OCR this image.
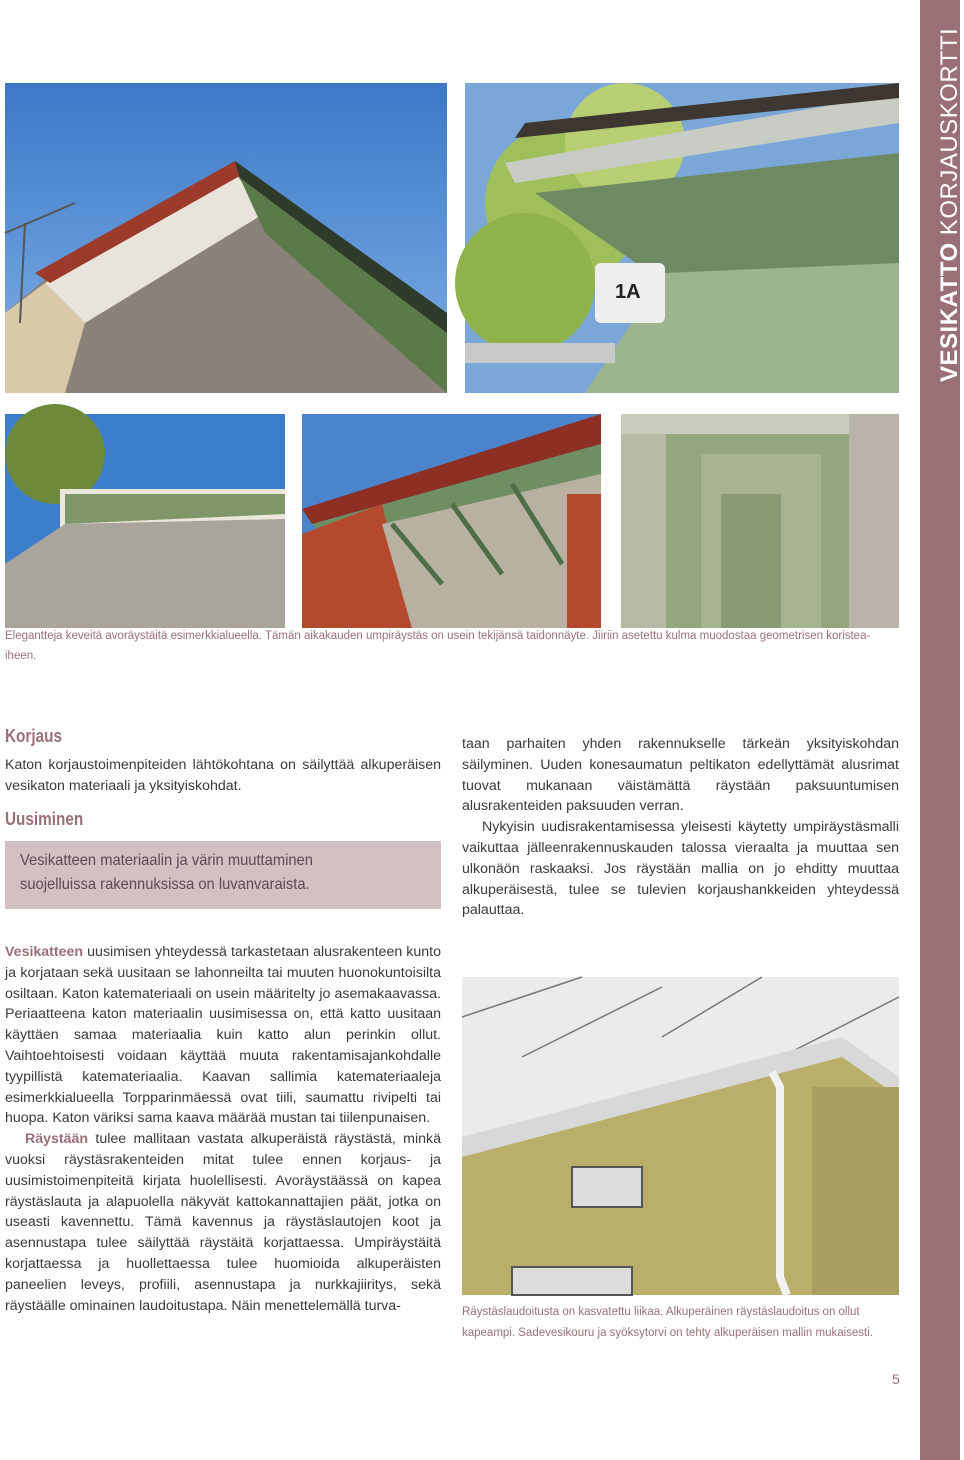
VESIKATTO KORJAUSKORTTI
1A
Elegantteja keveitä avoräystäitä esimerkkialueella. Tämän aikakauden umpiräystäs on usein tekijänsä taidonnäyte. Jiiriin asetettu kulma muodostaa geometrisen koristea-
iheen.
Korjaus
Katon korjaustoimenpiteiden lähtökohtana on säilyttää alkuperäisen vesikaton materiaali ja yksityiskohdat.
Uusiminen
Vesikatteen materiaalin ja värin muuttaminen suojelluissa rakennuksissa on luvanvaraista.

Vesikatteen uusimisen yhteydessä tarkastetaan alusrakenteen kunto ja korjataan sekä uusitaan se lahonneilta tai muuten huonokuntoisilta osiltaan. Katon katemateriaali on usein määritelty jo asemakaavassa. Periaatteena katon materiaalin uusimisessa on, että katto uusitaan käyttäen samaa materiaalia kuin katto alun perinkin ollut. Vaihtoehtoisesti voidaan käyttää muuta rakentamisajankohdalle tyypillistä katemateriaalia. Kaavan sallimia katemateriaaleja esimerkkialueella Torpparinmäessä ovat tiili, saumattu rivipelti tai huopa. Katon väriksi sama kaava määrää mustan tai tiilenpunaisen.

Räystään tulee mallitaan vastata alkuperäistä räystästä, minkä vuoksi räystäsrakenteiden mitat tulee ennen korjaus- ja uusimistoimenpiteitä kirjata huolellisesti. Avoräystäässä on kapea räystäslauta ja alapuolella näkyvät kattokannattajien päät, jotka on useasti kavennettu. Tämä kavennus ja räystäslautojen koot ja asennustapa tulee säilyttää räystäitä korjattaessa. Umpiräystäitä korjattaessa ja huollettaessa tulee huomioida alkuperäisten paneelien leveys, profiili, asennustapa ja nurkkajiiritys, sekä räystäälle ominainen laudoitustapa. Näin menettelemällä turva-

taan parhaiten yhden rakennukselle tärkeän yksityiskohdan säilyminen. Uuden konesaumatun peltikaton edellyttämät alusrimat tuovat mukanaan väistämättä räystään paksuuntumisen alusrakenteiden paksuuden verran.

Nykyisin uudisrakentamisessa yleisesti käytetty umpiräystäsmalli vaikuttaa jälleenrakennuskauden talossa vieraalta ja muuttaa sen ulkonäön raskaaksi. Jos räystään mallia on jo ehditty muuttaa alkuperäisestä, tulee se tulevien korjaushankkeiden yhteydessä palauttaa.

Räystäslaudoitusta on kasvatettu liikaa. Alkuperäinen räystäslaudoitus on ollut
kapeampi. Sadevesikouru ja syöksytorvi on tehty alkuperäisen mallin mukaisesti.
5
